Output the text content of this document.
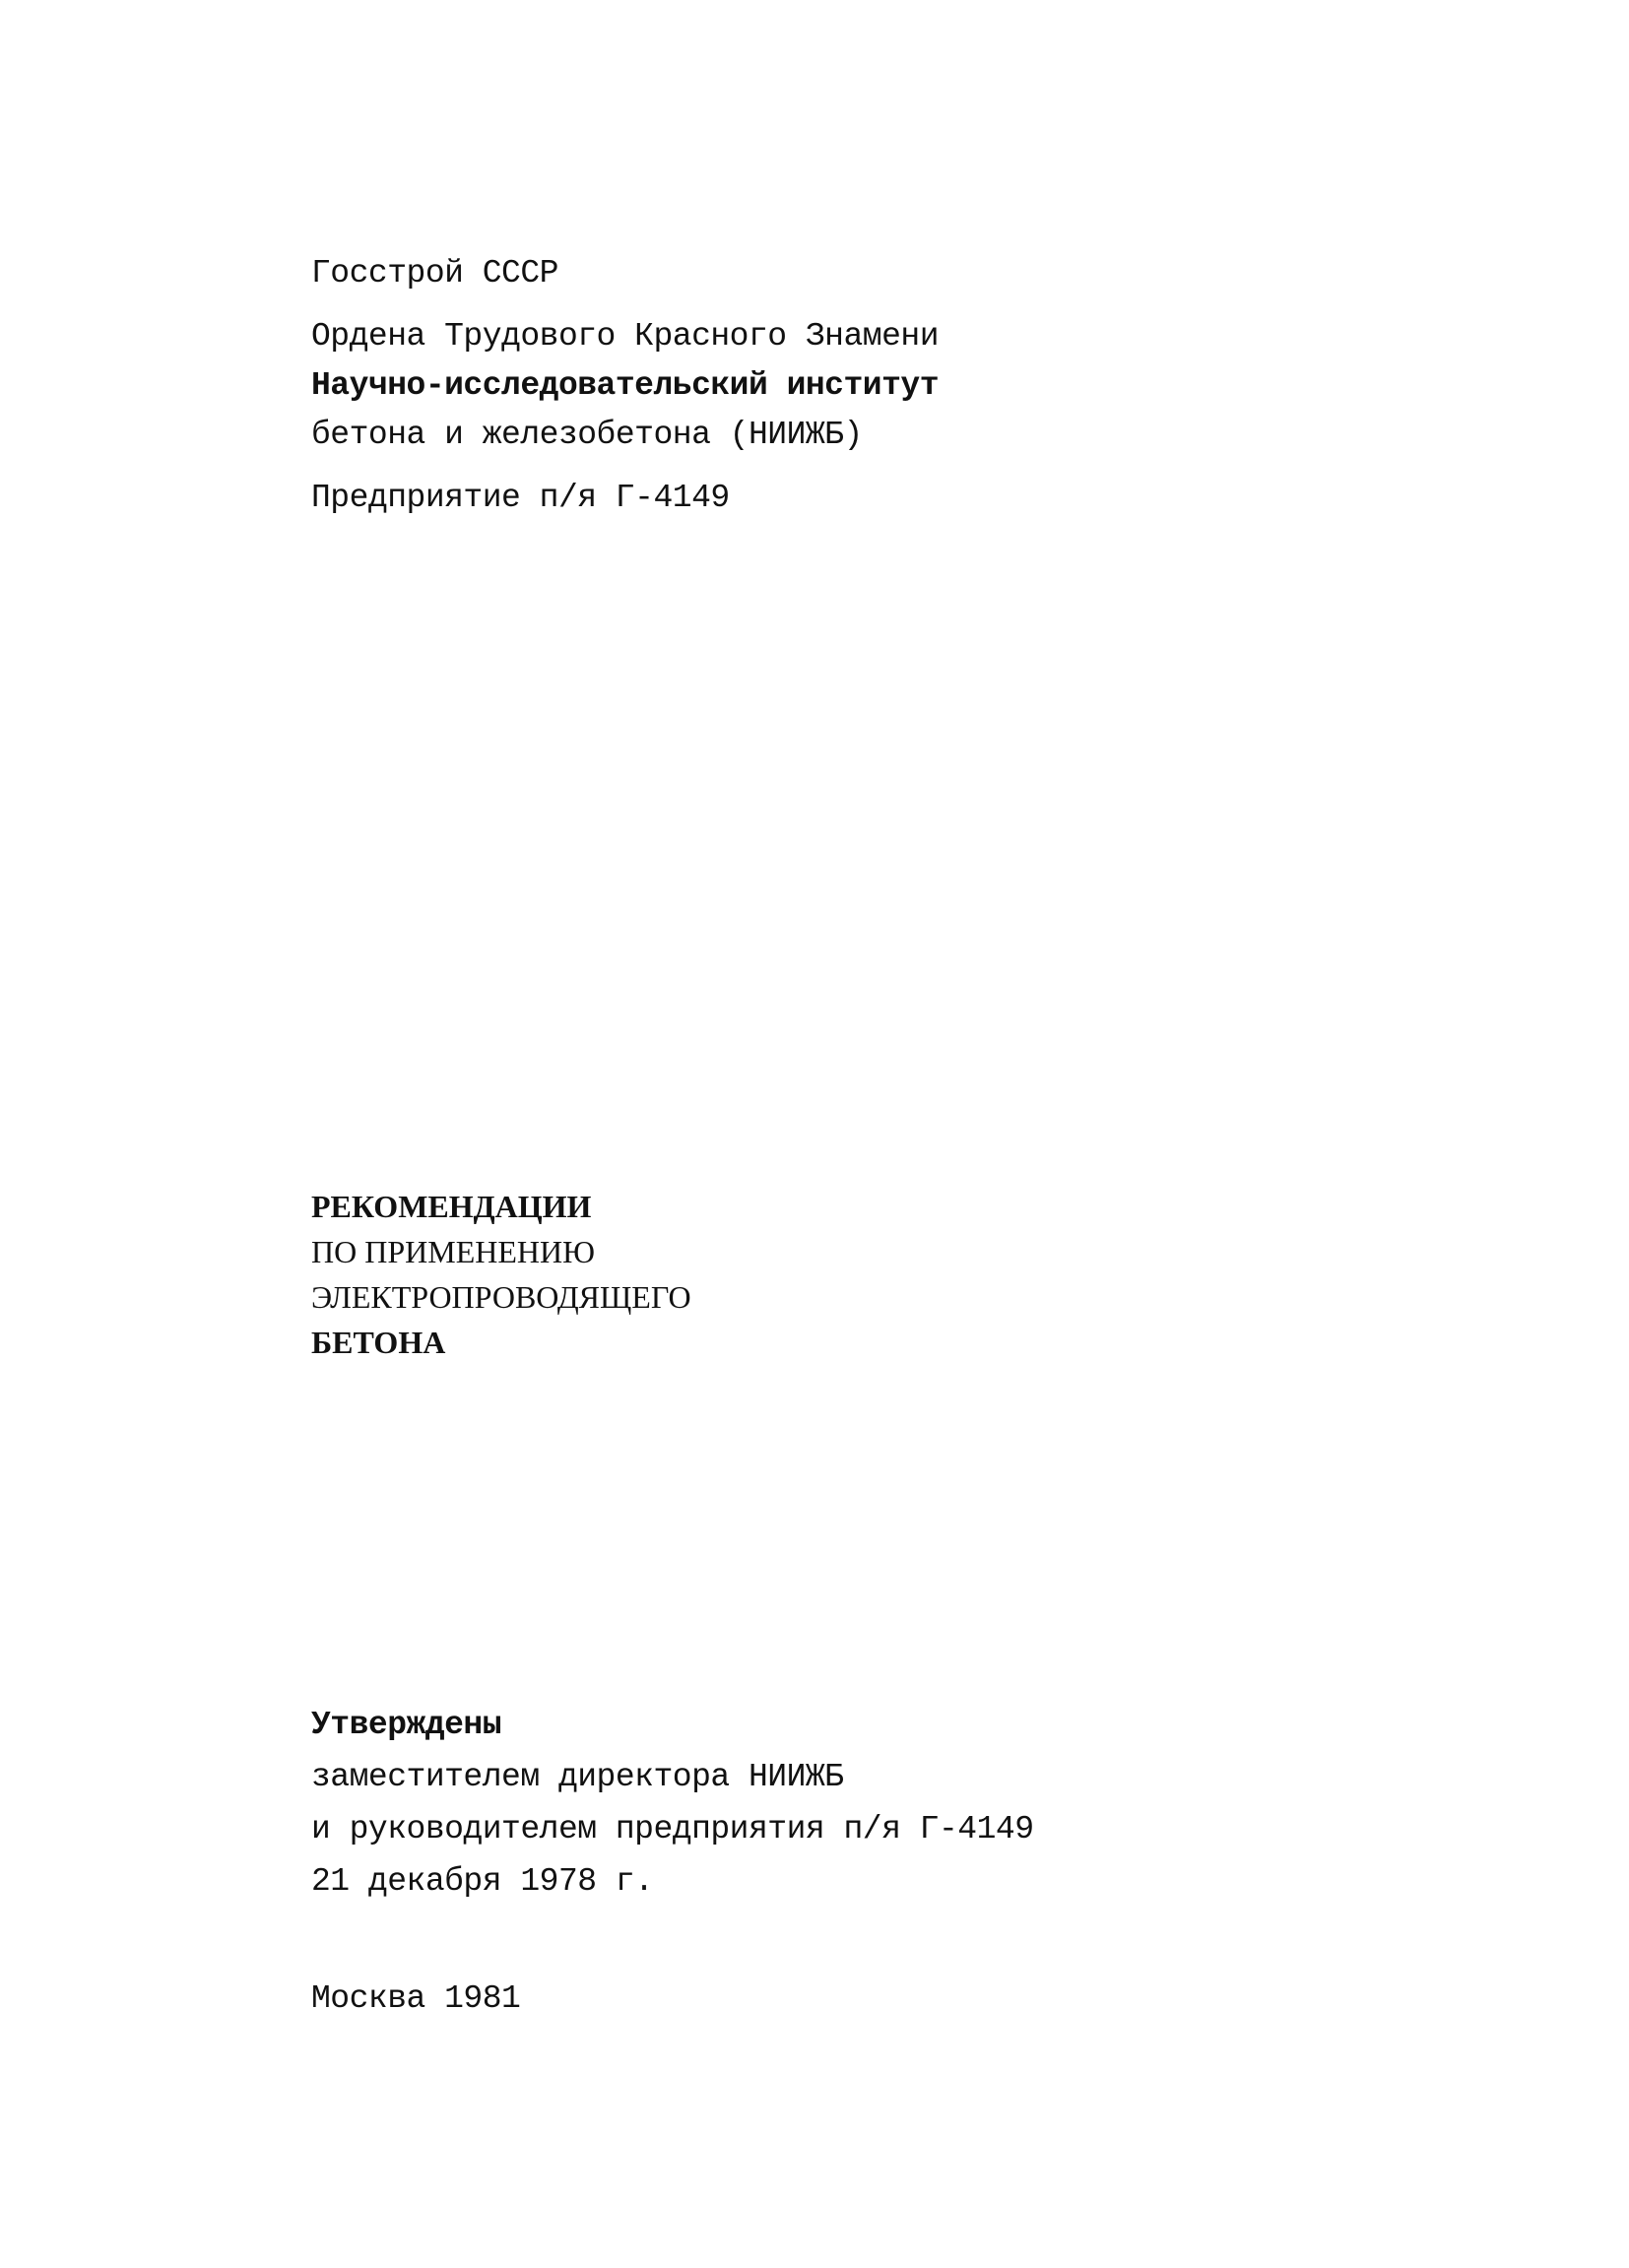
Госстрой СССР
Ордена Трудового Красного Знамени
Научно-исследовательский институт
бетона и железобетона (НИИЖБ)
Предприятие п/я Г-4149
РЕКОМЕНДАЦИИ
ПО ПРИМЕНЕНИЮ
ЭЛЕКТРОПРОВОДЯЩЕГО
БЕТОНА
Утверждены
заместителем директора НИИЖБ
и руководителем предприятия п/я Г-4149
21 декабря 1978 г.
Москва 1981
